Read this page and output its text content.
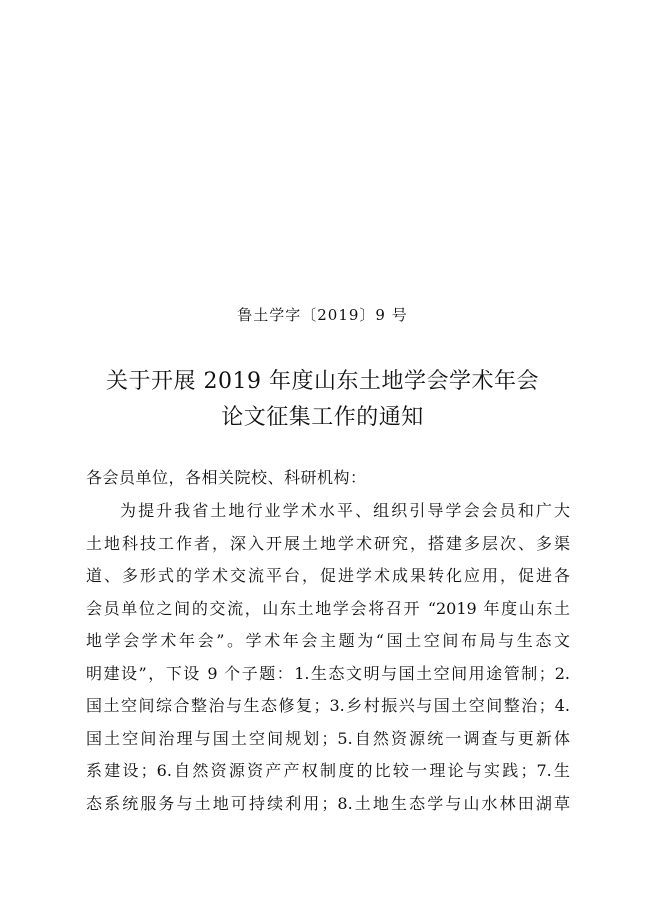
鲁土学字〔2019〕9 号
关于开展 2019 年度山东土地学会学术年会
论文征集工作的通知
各会员单位，各相关院校、科研机构：
为提升我省土地行业学术水平、组织引导学会会员和广大
土地科技工作者，深入开展土地学术研究，搭建多层次、多渠
道、多形式的学术交流平台，促进学术成果转化应用，促进各
会员单位之间的交流，山东土地学会将召开 “2019 年度山东土
地学会学术年会”。学术年会主题为“国土空间布局与生态文
明建设”，下设 9 个子题：1.生态文明与国土空间用途管制；2.
国土空间综合整治与生态修复；3.乡村振兴与国土空间整治；4.
国土空间治理与国土空间规划；5.自然资源统一调查与更新体
系建设；6.自然资源资产产权制度的比较一理论与实践；7.生
态系统服务与土地可持续利用；8.土地生态学与山水林田湖草
